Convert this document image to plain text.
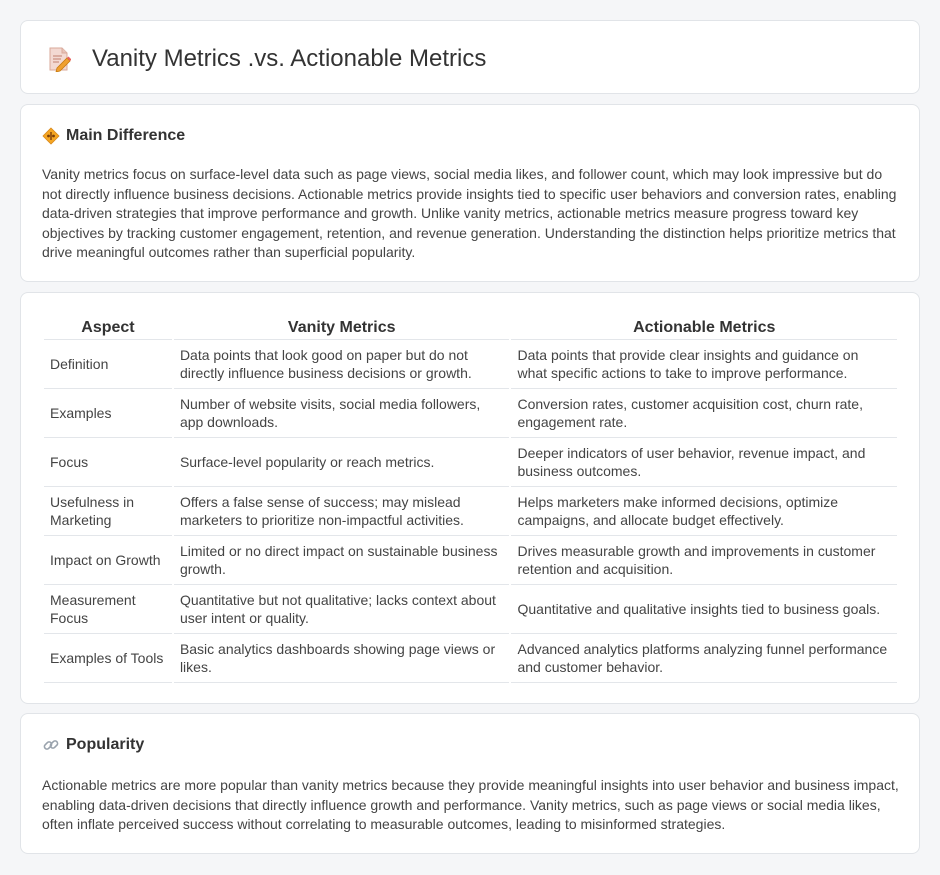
Vanity Metrics .vs. Actionable Metrics
Main Difference

Vanity metrics focus on surface-level data such as page views, social media likes, and follower count, which may look impressive but do not directly influence business decisions. Actionable metrics provide insights tied to specific user behaviors and conversion rates, enabling data-driven strategies that improve performance and growth. Unlike vanity metrics, actionable metrics measure progress toward key objectives by tracking customer engagement, retention, and revenue generation. Understanding the distinction helps prioritize metrics that drive meaningful outcomes rather than superficial popularity.

Aspect	Vanity Metrics	Actionable Metrics
Definition	Data points that look good on paper but do not directly influence business decisions or growth.	Data points that provide clear insights and guidance on what specific actions to take to improve performance.
Examples	Number of website visits, social media followers, app downloads.	Conversion rates, customer acquisition cost, churn rate, engagement rate.
Focus	Surface-level popularity or reach metrics.	Deeper indicators of user behavior, revenue impact, and business outcomes.
Usefulness in Marketing	Offers a false sense of success; may mislead marketers to prioritize non-impactful activities.	Helps marketers make informed decisions, optimize campaigns, and allocate budget effectively.
Impact on Growth	Limited or no direct impact on sustainable business growth.	Drives measurable growth and improvements in customer retention and acquisition.
Measurement Focus	Quantitative but not qualitative; lacks context about user intent or quality.	Quantitative and qualitative insights tied to business goals.
Examples of Tools	Basic analytics dashboards showing page views or likes.	Advanced analytics platforms analyzing funnel performance and customer behavior.
Popularity

Actionable metrics are more popular than vanity metrics because they provide meaningful insights into user behavior and business impact, enabling data-driven decisions that directly influence growth and performance. Vanity metrics, such as page views or social media likes, often inflate perceived success without correlating to measurable outcomes, leading to misinformed strategies.
